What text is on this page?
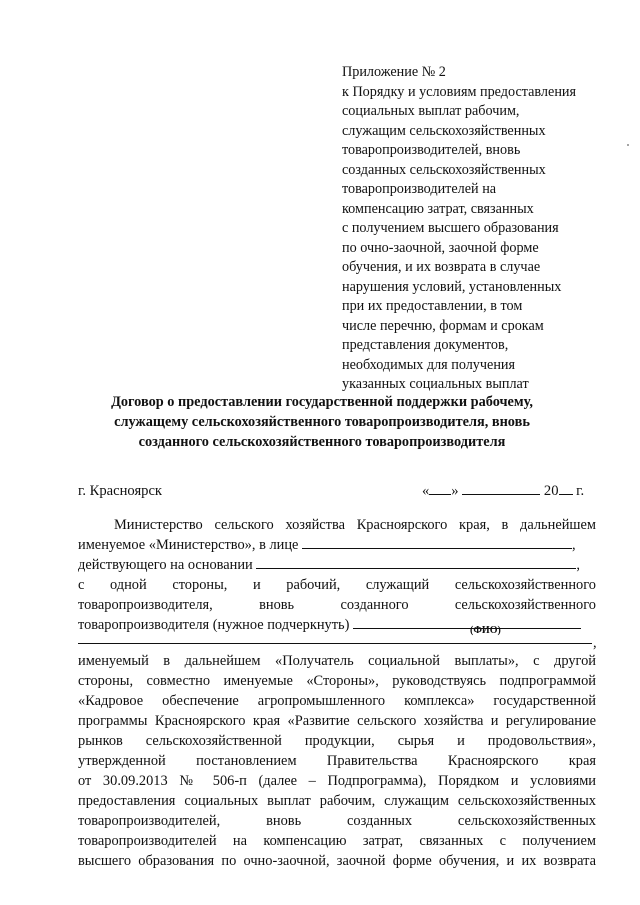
Приложение № 2
к Порядку и условиям предоставления
социальных выплат рабочим,
служащим сельскохозяйственных
товаропроизводителей, вновь
созданных сельскохозяйственных
товаропроизводителей на
компенсацию затрат, связанных
с получением высшего образования
по очно-заочной, заочной форме
обучения, и их возврата в случае
нарушения условий, установленных
при их предоставлении, в том
числе перечню, формам и срокам
представления документов,
необходимых для получения
указанных социальных выплат
Договор о предоставлении государственной поддержки рабочему,
служащему сельскохозяйственного товаропроизводителя, вновь
созданного сельскохозяйственного товаропроизводителя
г. Красноярск	« »	20 г.
Министерство сельского хозяйства Красноярского края, в дальнейшем
именуемое «Министерство», в лице	,
действующего на основании	,
с одной стороны, и рабочий, служащий сельскохозяйственного
товаропроизводителя, вновь созданного сельскохозяйственного
товаропроизводителя (нужное подчеркнуть)	(ФИО)
,
именуемый в дальнейшем «Получатель социальной выплаты», с другой
стороны, совместно именуемые «Стороны», руководствуясь подпрограммой
«Кадровое обеспечение агропромышленного комплекса» государственной
программы Красноярского края «Развитие сельского хозяйства и регулирование
рынков сельскохозяйственной продукции, сырья и продовольствия»,
утвержденной постановлением Правительства Красноярского края
от 30.09.2013 № 506-п (далее – Подпрограмма), Порядком и условиями
предоставления социальных выплат рабочим, служащим сельскохозяйственных
товаропроизводителей, вновь созданных сельскохозяйственных
товаропроизводителей на компенсацию затрат, связанных с получением
высшего образования по очно-заочной, заочной форме обучения, и их возврата
